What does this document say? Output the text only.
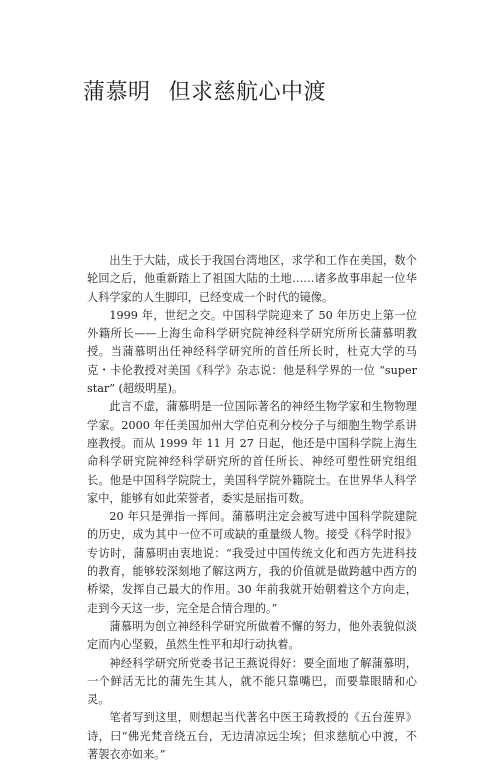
蒲慕明 但求慈航心中渡

出生于大陆，成长于我国台湾地区，求学和工作在美国，数个轮回之后，他重新踏上了祖国大陆的土地……诸多故事串起一位华人科学家的人生脚印，已经变成一个时代的镜像。

1999 年，世纪之交。中国科学院迎来了 50 年历史上第一位外籍所长——上海生命科学研究院神经科学研究所所长蒲慕明教授。当蒲慕明出任神经科学研究所的首任所长时，杜克大学的马克・卡伦教授对美国《科学》杂志说：他是科学界的一位 “super star” (超级明星)。

此言不虚，蒲慕明是一位国际著名的神经生物学家和生物物理学家。2000 年任美国加州大学伯克利分校分子与细胞生物学系讲座教授。而从 1999 年 11 月 27 日起，他还是中国科学院上海生命科学研究院神经科学研究所的首任所长、神经可塑性研究组组长。他是中国科学院院士，美国科学院外籍院士。在世界华人科学家中，能够有如此荣誉者，委实是屈指可数。

20 年只是弹指一挥间。蒲慕明注定会被写进中国科学院建院的历史，成为其中一位不可或缺的重量级人物。接受《科学时报》专访时，蒲慕明由衷地说：“我受过中国传统文化和西方先进科技的教育，能够较深刻地了解这两方，我的价值就是做跨越中西方的桥梁，发挥自己最大的作用。30 年前我就开始朝着这个方向走，走到今天这一步，完全是合情合理的。”

蒲慕明为创立神经科学研究所做着不懈的努力，他外表貌似淡定而内心坚毅，虽然生性平和却行动执着。

神经科学研究所党委书记王燕说得好：要全面地了解蒲慕明，一个鲜活无比的蒲先生其人，就不能只靠嘴巴，而要靠眼睛和心灵。

笔者写到这里，则想起当代著名中医王琦教授的《五台莲界》诗，曰“佛光梵音绕五台，无边清凉远尘埃；但求慈航心中渡，不著袈衣亦如来。”
